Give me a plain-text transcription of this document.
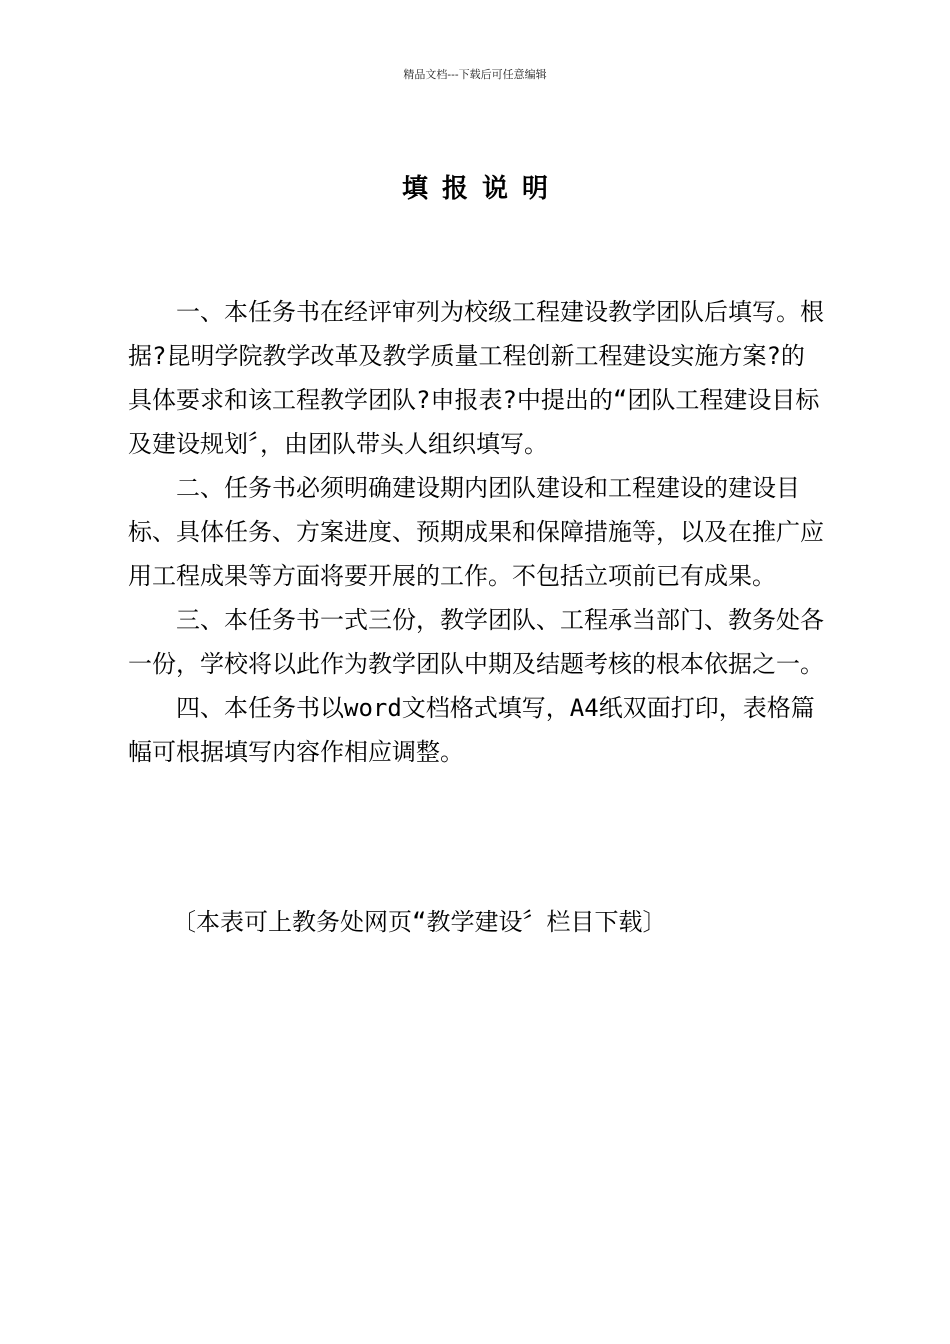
精品文档---下载后可任意编辑
填报说明

一、本任务书在经评审列为校级工程建设教学团队后填写。根据?昆明学院教学改革及教学质量工程创新工程建设实施方案?的具体要求和该工程教学团队?申报表?中提出的“团队工程建设目标及建设规划〞，由团队带头人组织填写。

二、任务书必须明确建设期内团队建设和工程建设的建设目标、具体任务、方案进度、预期成果和保障措施等，以及在推广应用工程成果等方面将要开展的工作。不包括立项前已有成果。

三、本任务书一式三份，教学团队、工程承当部门、教务处各一份，学校将以此作为教学团队中期及结题考核的根本依据之一。

四、本任务书以word文档格式填写，A4纸双面打印，表格篇幅可根据填写内容作相应调整。

〔本表可上教务处网页“教学建设〞栏目下载〕
